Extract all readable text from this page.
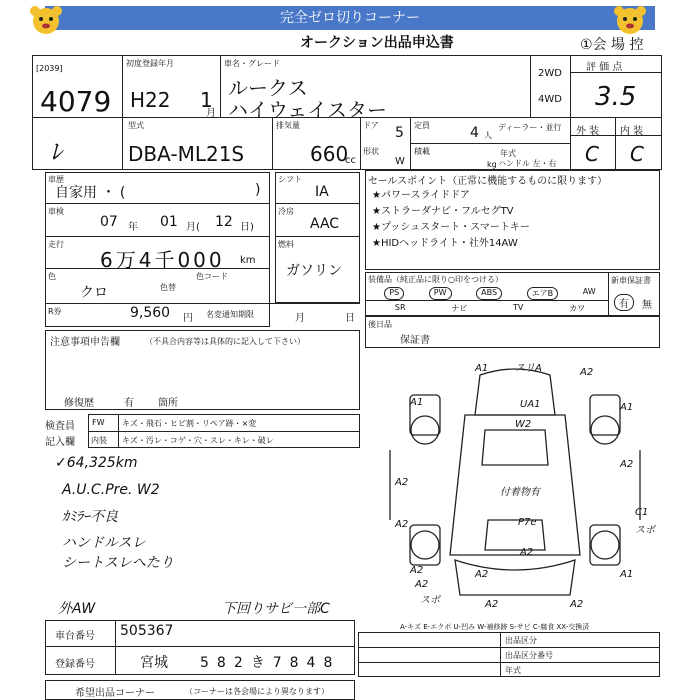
完全ゼロ切りコーナー
オークション出品申込書	①会 場 控
[2039]
4079
初度登録年月
H22 1
月
車名・グレード
ルークス
ハイウェイスター
2WD
4WD
評 価 点
3.5
ﾚ
型式
DBA-ML21S
排気量
660
cc
ドア 5
形状
W
定員	4 人
ディーラー・並行
積載
kg
年式
ハンドル 左・右
外 装 内 装
C C
車歴
自家用 ・ (	)
車検
07 年 01 月( 12 日)
走行
6万4千000 km
色
クロ	色替
色コード
R券	9,560 円 名変通知期限	月	日
シフト
IA
冷房
AAC
燃料
ガソリン
セールスポイント（正常に機能するものに限ります）
★パワースライドドア
★ストラーダナビ・フルセグTV
★プッシュスタート・スマートキー
★HIDヘッドライト・社外14AW
装備品（純正品に限り○印をつける）
PS	PW	ABS	エアB	AW
SR	ナビ	TV	カワ
新車保証書
有	無
後日品
保証書
注意事項申告欄	（不具合内容等は具体的に記入して下さい）
修復歴	有 箇所
検査員
記入欄
FW キズ・飛石・ヒビ割・リペア跡・×変
内装 キズ・汚レ・コゲ・穴・スレ・キレ・破レ
✓64,325km
A.U.C.Pre. W2
ｶﾐﾗｰ不良
ハンドルスレ
シートスレへたり
外AW	下回りサビ一部C
A1	スリA	A2
A1	UA1
W2
A1
A2
A2
付着物有
P7e
C1
スポ
A2
A2
A2	A1
A2
A2	A2
A2
スポ
A-キズ E-エクボ U-凹み W-補修跡 S-サビ C-腐食 XX-交換済
車台番号 505367
登録番号	宮城 582き7848
出品区分
出品区分番号
年式
希望出品コーナー	（コーナーは各会場により異なります）
